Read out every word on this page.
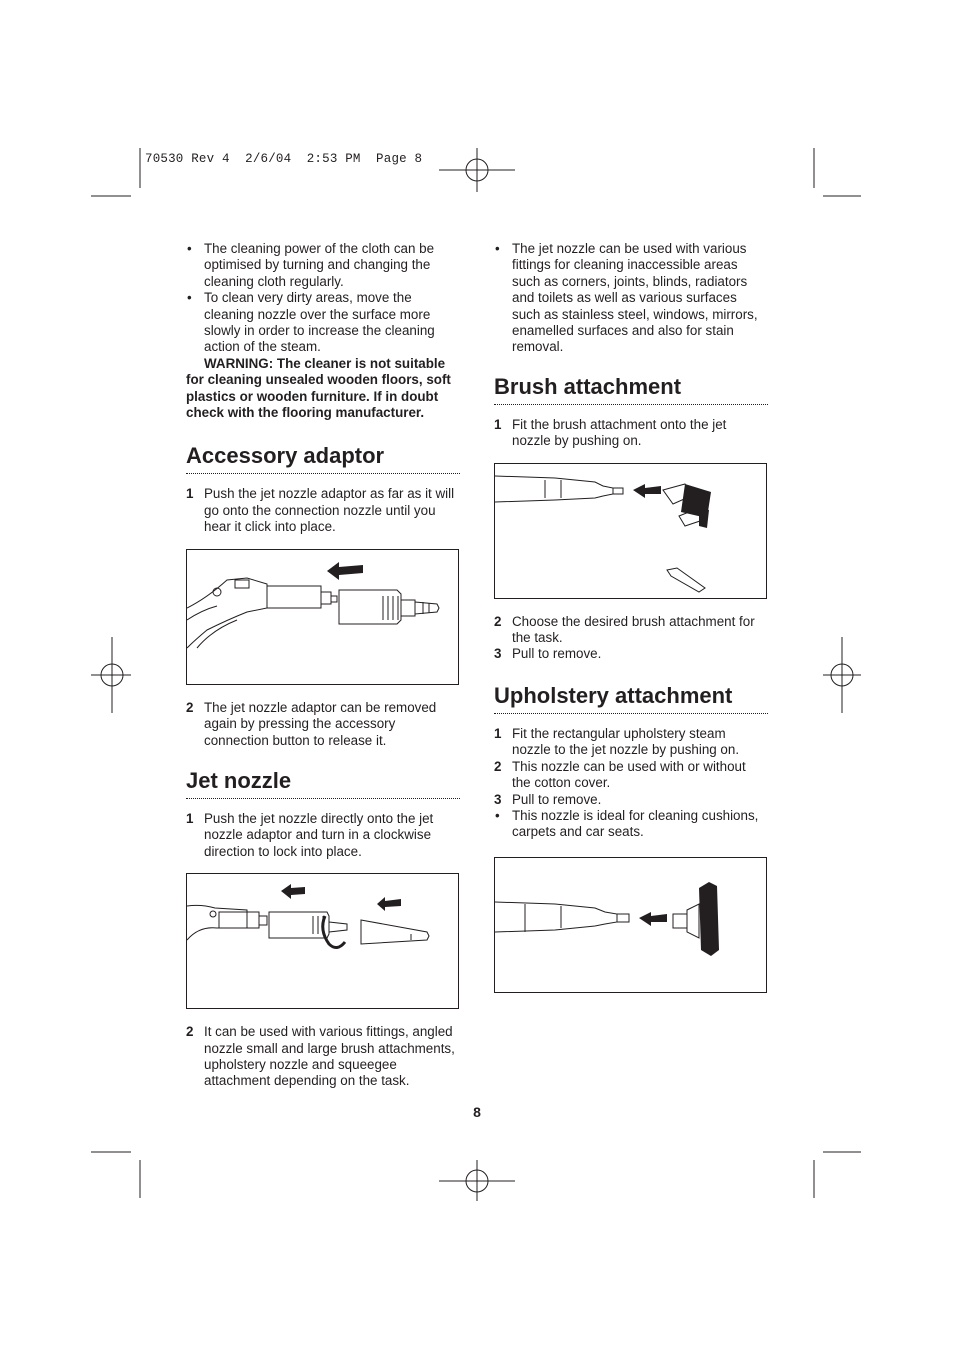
70530 Rev 4  2/6/04  2:53 PM  Page 8
• The cleaning power of the cloth can be optimised by turning and changing the cleaning cloth regularly.
• To clean very dirty areas, move the cleaning nozzle over the surface more slowly in order to increase the cleaning action of the steam.
WARNING: The cleaner is not suitable for cleaning unsealed wooden floors, soft plastics or wooden furniture. If in doubt check with the flooring manufacturer.
Accessory adaptor
1 Push the jet nozzle adaptor as far as it will go onto the connection nozzle until you hear it click into place.
2 The jet nozzle adaptor can be removed again by pressing the accessory connection button to release it.
Jet nozzle
1 Push the jet nozzle directly onto the jet nozzle adaptor and turn in a clockwise direction to lock into place.
2 It can be used with various fittings, angled nozzle small and large brush attachments, upholstery nozzle and squeegee attachment depending on the task.
• The jet nozzle can be used with various fittings for cleaning inaccessible areas such as corners, joints, blinds, radiators and toilets as well as various surfaces such as stainless steel, windows, mirrors, enamelled surfaces and also for stain removal.
Brush attachment
1 Fit the brush attachment onto the jet nozzle by pushing on.
2 Choose the desired brush attachment for the task.
3 Pull to remove.
Upholstery attachment
1 Fit the rectangular upholstery steam nozzle to the jet nozzle by pushing on.
2 This nozzle can be used with or without the cotton cover.
3 Pull to remove.
• This nozzle is ideal for cleaning cushions, carpets and car seats.
8
